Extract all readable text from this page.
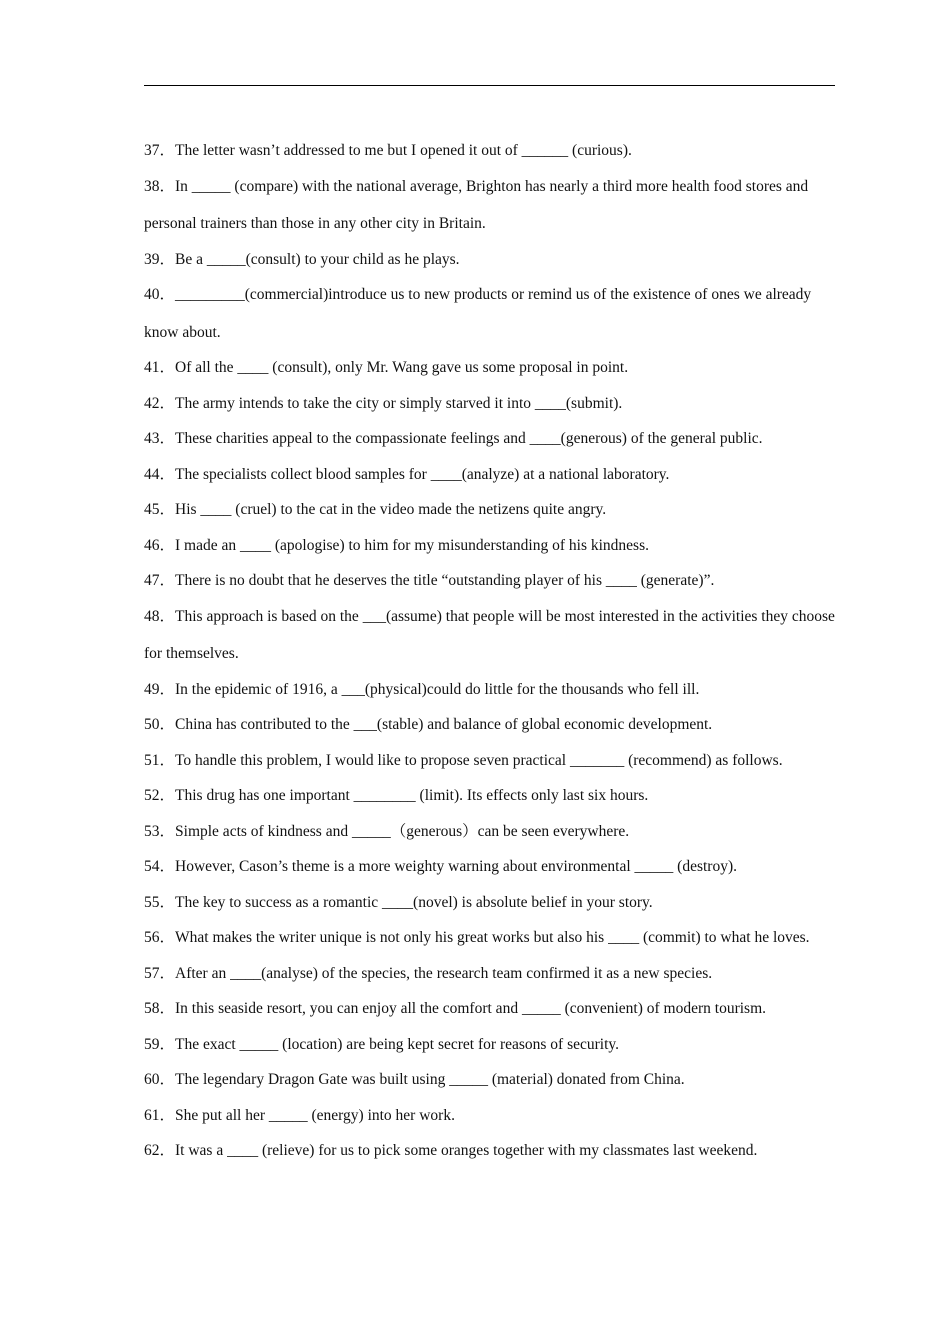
37．The letter wasn’t addressed to me but I opened it out of ______ (curious).
38．In _____ (compare) with the national average, Brighton has nearly a third more health food stores and personal trainers than those in any other city in Britain.
39．Be a _____(consult) to your child as he plays.
40．_________(commercial)introduce us to new products or remind us of the existence of ones we already know about.
41．Of all the ____ (consult), only Mr. Wang gave us some proposal in point.
42．The army intends to take the city or simply starved it into ____(submit).
43．These charities appeal to the compassionate feelings and ____(generous) of the general public.
44．The specialists collect blood samples for ____(analyze) at a national laboratory.
45．His ____ (cruel) to the cat in the video made the netizens quite angry.
46．I made an ____ (apologise) to him for my misunderstanding of his kindness.
47．There is no doubt that he deserves the title “outstanding player of his ____ (generate)”.
48．This approach is based on the ___(assume) that people will be most interested in the activities they choose for themselves.
49．In the epidemic of 1916, a ___(physical)could do little for the thousands who fell ill.
50．China has contributed to the ___(stable) and balance of global economic development.
51．To handle this problem, I would like to propose seven practical _______ (recommend) as follows.
52．This drug has one important ________ (limit). Its effects only last six hours.
53．Simple acts of kindness and _____（generous）can be seen everywhere.
54．However, Cason’s theme is a more weighty warning about environmental _____ (destroy).
55．The key to success as a romantic ____(novel) is absolute belief in your story.
56．What makes the writer unique is not only his great works but also his ____ (commit) to what he loves.
57．After an ____(analyse) of the species, the research team confirmed it as a new species.
58．In this seaside resort, you can enjoy all the comfort and _____ (convenient) of modern tourism.
59．The exact _____ (location) are being kept secret for reasons of security.
60．The legendary Dragon Gate was built using _____ (material) donated from China.
61．She put all her _____ (energy) into her work.
62．It was a ____ (relieve) for us to pick some oranges together with my classmates last weekend.
